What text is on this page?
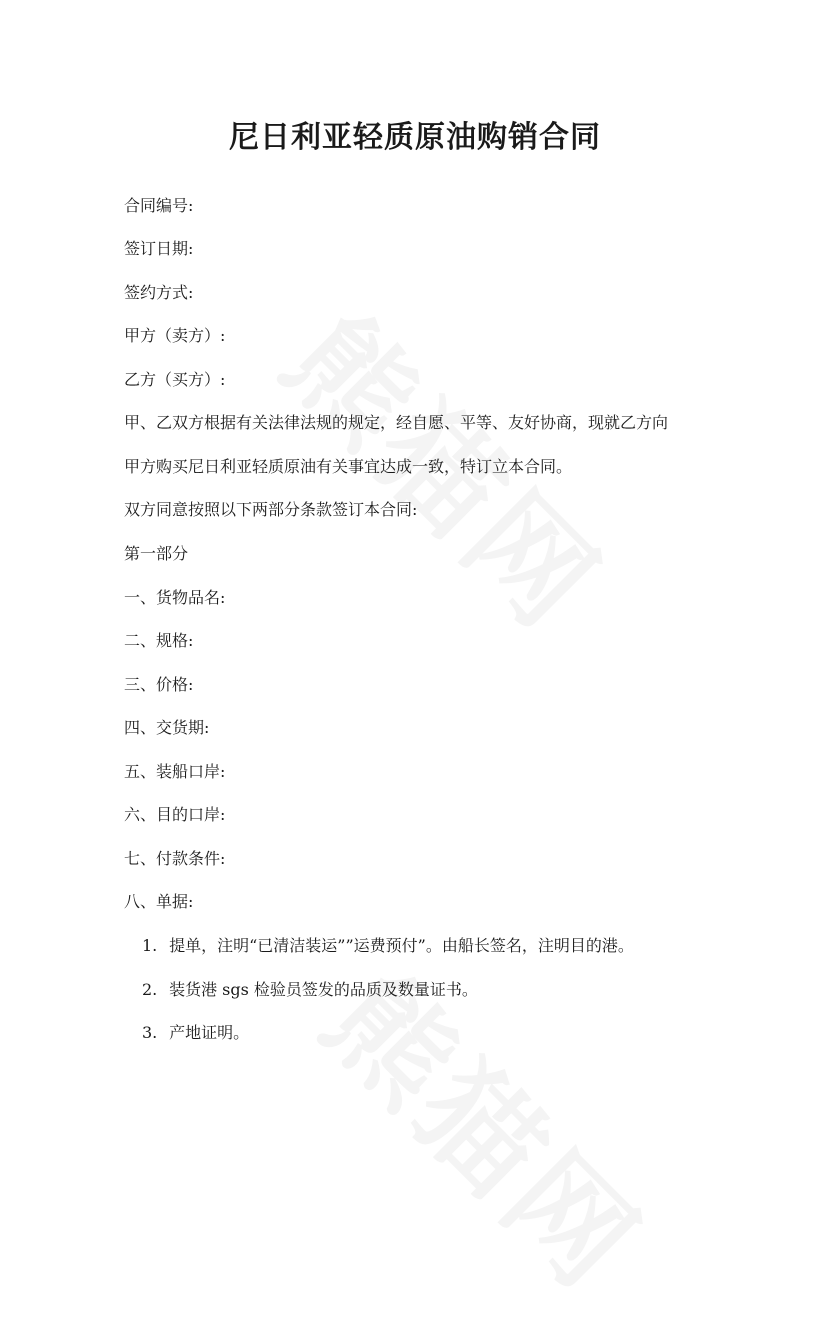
尼日利亚轻质原油购销合同
合同编号:
签订日期:
签约方式:
甲方（卖方）:
乙方（买方）:
甲、乙双方根据有关法律法规的规定，经自愿、平等、友好协商，现就乙方向
甲方购买尼日利亚轻质原油有关事宜达成一致，特订立本合同。
双方同意按照以下两部分条款签订本合同:
第一部分
一、货物品名:
二、规格:
三、价格:
四、交货期:
五、装船口岸:
六、目的口岸:
七、付款条件:
八、单据:
1. 提单，注明“已清洁装运””运费预付”。由船长签名，注明目的港。
2. 装货港 sgs 检验员签发的品质及数量证书。
3. 产地证明。
